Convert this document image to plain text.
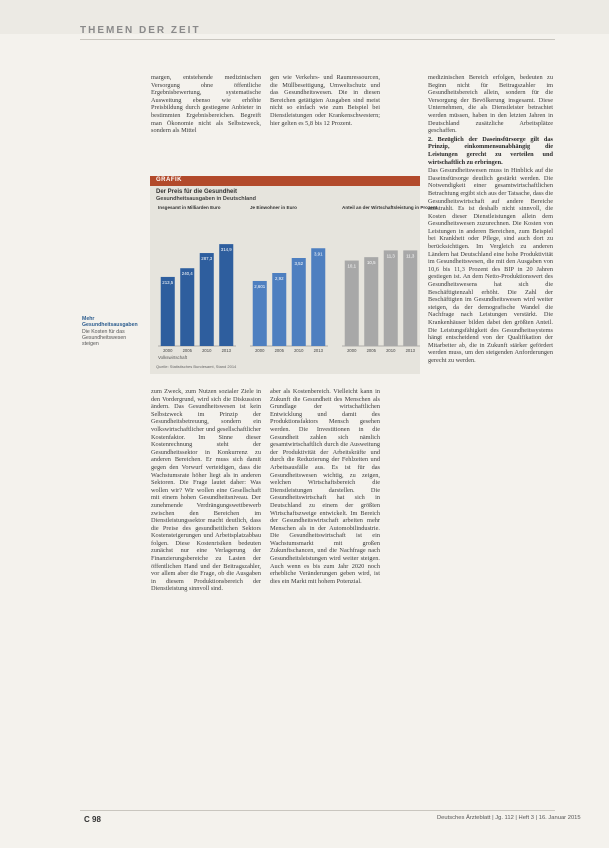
THEMEN DER ZEIT

margen, entstehende medizinischen Versorgung ohne öffentliche Ergebnisbewertung, systematische Ausweitung ebenso wie erhöhte Preisbildung durch gestiegene Anbieter in bestimmten Ergebnisbereichen. Begreift man Ökonomie nicht als Selbstzweck, sondern als Mittel

gen wie Verkehrs- und Raumressourcen, die Müllbeseitigung, Umweltschutz und das Gesundheitswesen. Die in diesen Bereichen getätigten Ausgaben sind meist nicht so einfach wie zum Beispiel bei Dienstleistungen oder Krankenschwestern; hier gelten es 5,8 bis 12 Prozent.

GRAFIK
Der Preis für die Gesundheit
Gesundheitsausgaben in Deutschland
Insgesamt in Milliarden Euro
213,5
2000
240,4
2005
287,3
2010
314,9
2013
Je Einwohner in Euro
2,601
2000
2,92
2005
3,52
2010
3,91
2013
Anteil an der Wirtschaftsleistung in Prozent
10,1
2000
10,5
2005
11,3
2010
11,3
2013
Volkswirtschaft
Quelle: Statistisches Bundesamt, Stand 2014
Mehr Gesundheitsausgaben
Die Kosten für das Gesundheitswesen steigen

zum Zweck, zum Nutzen sozialer Ziele in den Vordergrund, wird sich die Diskussion ändern. Das Gesundheitswesen ist kein Selbstzweck im Prinzip der Gesundheitsbetreuung, sondern ein volkswirtschaftlicher und gesellschaftlicher Kostenfaktor. Im Sinne dieser Kostenrechnung steht der Gesundheitssektor in Konkurrenz zu anderen Bereichen. Er muss sich damit gegen den Vorwurf verteidigen, dass die Wachstumsrate höher liegt als in anderen Sektoren. Die Frage lautet daher: Was wollen wir? Wir wollen eine Gesellschaft mit einem hohen Gesundheitsniveau. Der zunehmende Verdrängungswettbewerb zwischen den Bereichen im Dienstleistungssektor macht deutlich, dass die Preise des gesundheitlichen Sektors Kostensteigerungen und Arbeitsplatzabbau folgen. Diese Kostenrisiken bedeuten zunächst nur eine Verlagerung der Finanzierungsbereiche zu Lasten der öffentlichen Hand und der Beitragszahler, vor allem aber die Frage, ob die Ausgaben in diesem Produktionsbereich der Dienstleistung sinnvoll sind.

aber als Kostenbereich. Vielleicht kann in Zukunft die Gesundheit des Menschen als Grundlage der wirtschaftlichen Entwicklung und damit des Produktionsfaktors Mensch gesehen werden. Die Investitionen in die Gesundheit zahlen sich nämlich gesamtwirtschaftlich durch die Ausweitung der Produktivität der Arbeitskräfte und durch die Reduzierung der Fehlzeiten und Arbeitsausfälle aus. Es ist für das Gesundheitswesen wichtig, zu zeigen, welchen Wirtschaftsbereich die Dienstleistungen darstellen. Die Gesundheitswirtschaft hat sich in Deutschland zu einem der größten Wirtschaftszweige entwickelt. Im Bereich der Gesundheitswirtschaft arbeiten mehr Menschen als in der Automobilindustrie. Die Gesundheitswirtschaft ist ein Wachstumsmarkt mit großen Zukunftschancen, und die Nachfrage nach Gesundheitsleistungen wird weiter steigen. Auch wenn es bis zum Jahr 2020 noch erhebliche Veränderungen geben wird, ist dies ein Markt mit hohem Potenzial.

medizinischen Bereich erfolgen, bedeuten zu Beginn nicht für Beitragszahler im Gesundheitsbereich allein, sondern für die Versorgung der Bevölkerung insgesamt. Diese Unternehmen, die als Dienstleister betrachtet werden müssen, haben in den letzten Jahren in Deutschland zusätzliche Arbeitsplätze geschaffen.

2. Bezüglich der Daseinsfürsorge gilt das Prinzip, einkommensunabhängig die Leistungen gerecht zu verteilen und wirtschaftlich zu erbringen.

Das Gesundheitswesen muss in Hinblick auf die Daseinsfürsorge deutlich gestärkt werden. Die Notwendigkeit einer gesamtwirtschaftlichen Betrachtung ergibt sich aus der Tatsache, dass die Gesundheitswirtschaft auf andere Bereiche ausstrahlt. Es ist deshalb nicht sinnvoll, die Kosten dieser Dienstleistungen allein dem Gesundheitswesen zuzurechnen. Die Kosten von Leistungen in anderen Bereichen, zum Beispiel bei Krankheit oder Pflege, sind auch dort zu berücksichtigen. Im Vergleich zu anderen Ländern hat Deutschland eine hohe Produktivität im Gesundheitswesen, die mit den Ausgaben von 10,6 bis 11,3 Prozent des BIP in 20 Jahren gestiegen ist. An dem Netto-Produktionswert des Gesundheitswesens hat sich die Beschäftigtenzahl erhöht. Die Zahl der Beschäftigten im Gesundheitswesen wird weiter steigen, da der demografische Wandel die Nachfrage nach Leistungen verstärkt. Die Krankenhäuser bilden dabei den größten Anteil. Die Leistungsfähigkeit des Gesundheitssystems hängt entscheidend von der Qualifikation der Mitarbeiter ab, die in Zukunft stärker gefördert werden muss, um den steigenden Anforderungen gerecht zu werden.

C 98	Deutsches Ärzteblatt | Jg. 112 | Heft 3 | 16. Januar 2015
